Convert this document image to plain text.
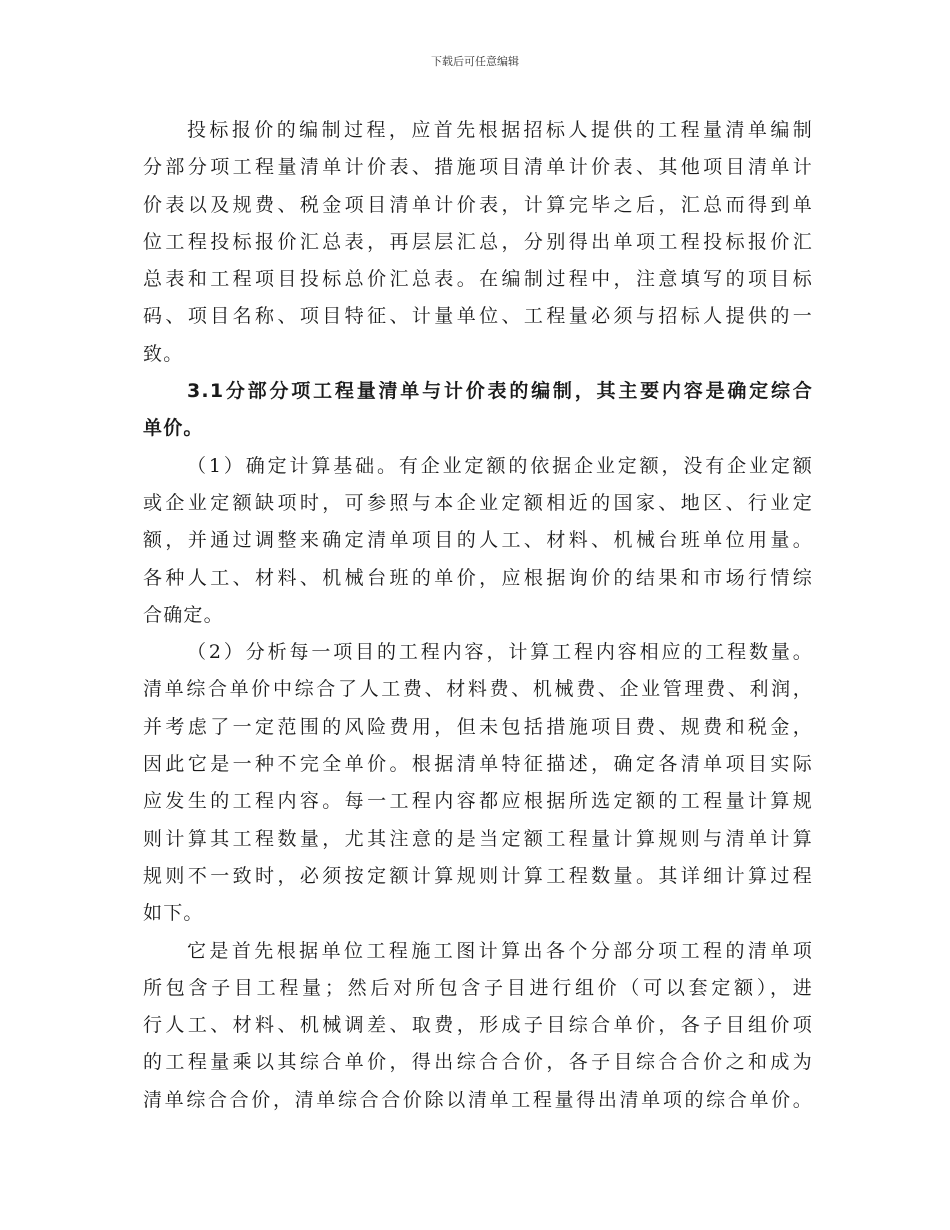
下载后可任意编辑
投标报价的编制过程，应首先根据招标人提供的工程量清单编制
分部分项工程量清单计价表、措施项目清单计价表、其他项目清单计
价表以及规费、税金项目清单计价表，计算完毕之后，汇总而得到单
位工程投标报价汇总表，再层层汇总，分别得出单项工程投标报价汇
总表和工程项目投标总价汇总表。在编制过程中，注意填写的项目标
码、项目名称、项目特征、计量单位、工程量必须与招标人提供的一
致。
3.1分部分项工程量清单与计价表的编制，其主要内容是确定综合
单价。
（1）确定计算基础。有企业定额的依据企业定额，没有企业定额
或企业定额缺项时，可参照与本企业定额相近的国家、地区、行业定
额，并通过调整来确定清单项目的人工、材料、机械台班单位用量。
各种人工、材料、机械台班的单价，应根据询价的结果和市场行情综
合确定。
（2）分析每一项目的工程内容，计算工程内容相应的工程数量。
清单综合单价中综合了人工费、材料费、机械费、企业管理费、利润，
并考虑了一定范围的风险费用，但未包括措施项目费、规费和税金，
因此它是一种不完全单价。根据清单特征描述，确定各清单项目实际
应发生的工程内容。每一工程内容都应根据所选定额的工程量计算规
则计算其工程数量，尤其注意的是当定额工程量计算规则与清单计算
规则不一致时，必须按定额计算规则计算工程数量。其详细计算过程
如下。
它是首先根据单位工程施工图计算出各个分部分项工程的清单项
所包含子目工程量；然后对所包含子目进行组价（可以套定额），进
行人工、材料、机械调差、取费，形成子目综合单价，各子目组价项
的工程量乘以其综合单价，得出综合合价，各子目综合合价之和成为
清单综合合价，清单综合合价除以清单工程量得出清单项的综合单价。
